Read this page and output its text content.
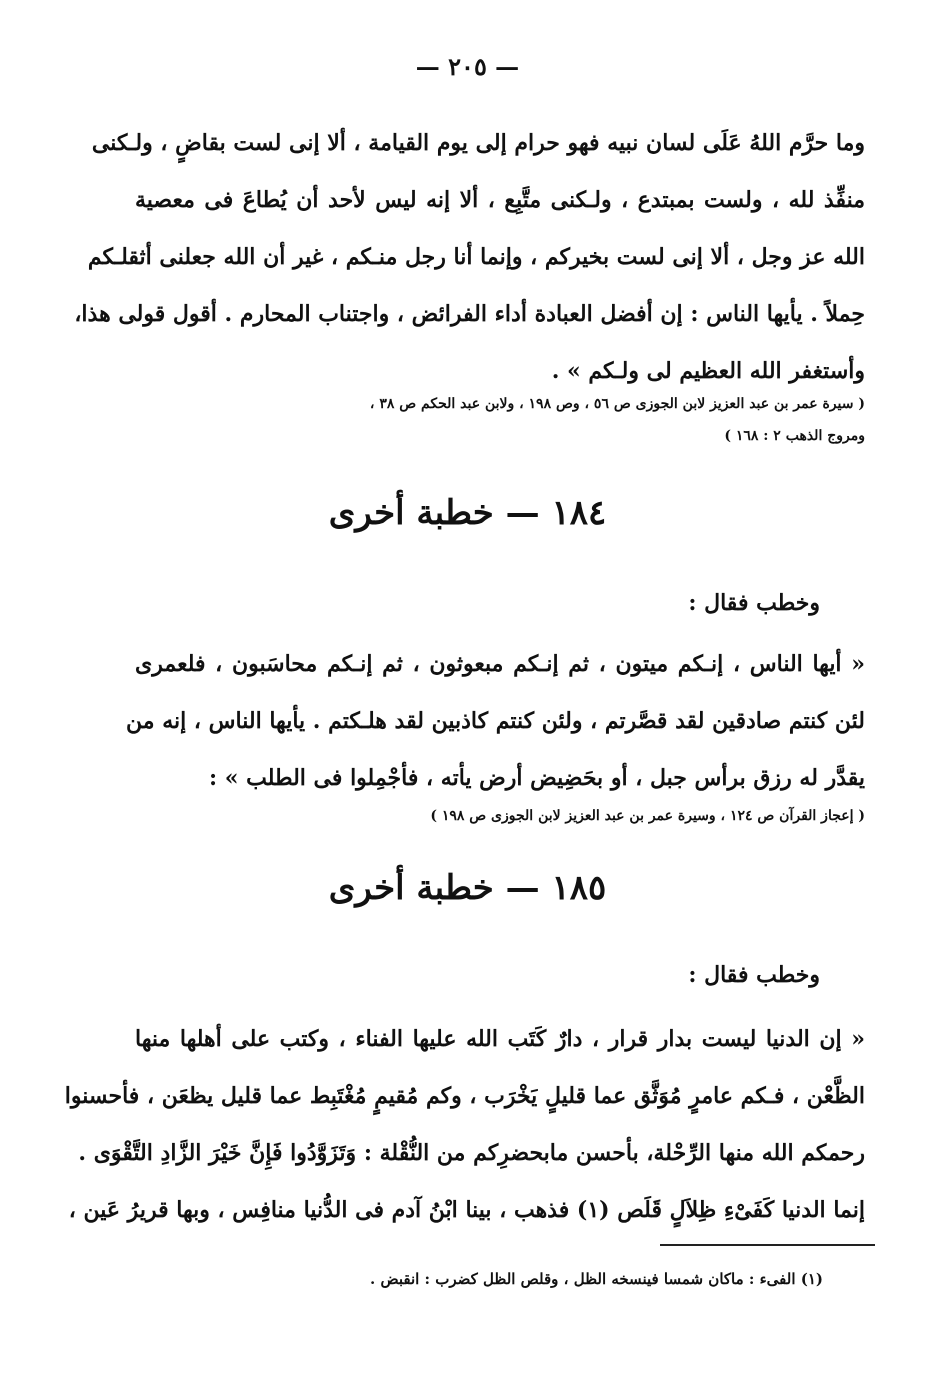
— ٢٠٥ —
وما حرَّم اللهُ عَلَى لسان نبيه فهو حرام إلى يوم القيامة ، ألا إنى لست بقاضٍ ، ولـكنى
منفِّذ لله ، ولست بمبتدع ، ولـكنى متَّبِع ، ألا إنه ليس لأحد أن يُطاعَ فى معصية
الله عز وجل ، ألا إنى لست بخيركم ، وإنما أنا رجل منـكم ، غير أن الله جعلنى أثقلـكم
حِملاً . يأيها الناس : إن أفضل العبادة أداء الفرائض ، واجتناب المحارم . أقول قولى هذا،
وأستغفر الله العظيم لى ولـكم » .
( سيرة عمر بن عبد العزيز لابن الجوزى ص ٥٦ ، وص ١٩٨ ، ولابن عبد الحكم ص ٣٨ ،
ومروج الذهب ٢ : ١٦٨ )
١٨٤ — خطبة أخرى
وخطب فقال :
« أيها الناس ، إنـكم ميتون ، ثم إنـكم مبعوثون ، ثم إنـكم محاسَبون ، فلعمرى
لئن كنتم صادقين لقد قصَّرتم ، ولئن كنتم كاذبين لقد هلـكتم . يأيها الناس ، إنه من
يقدَّر له رزق برأس جبل ، أو بحَضِيض أرض يأته ، فأجْمِلوا فى الطلب » :
( إعجاز القرآن ص ١٢٤ ، وسيرة عمر بن عبد العزيز لابن الجوزى ص ١٩٨ )
١٨٥ — خطبة أخرى
وخطب فقال :
« إن الدنيا ليست بدار قرار ، دارٌ كَتَب الله عليها الفناء ، وكتب على أهلها منها
الظَّعْن ، فـكم عامرٍ مُوَثَّق عما قليلٍ يَخْرَب ، وكم مُقيمٍ مُغْتَبِط عما قليل يظعَن ، فأحسنوا
رحمكم الله منها الرِّحْلة، بأحسن مابحضرِكم من النُّقْلة : وَتَزَوَّدُوا فَإِنَّ خَيْرَ الزَّادِ التَّقْوَى .
إنما الدنيا كَفَىْءِ ظِلاَلٍ قَلَص (١) فذهب ، بينا ابْنُ آدم فى الدُّنيا منافِس ، وبها قريرُ عَين ،
(١) الفىء : ماكان شمسا فينسخه الظل ، وقلص الظل كضرب : انقبض .
